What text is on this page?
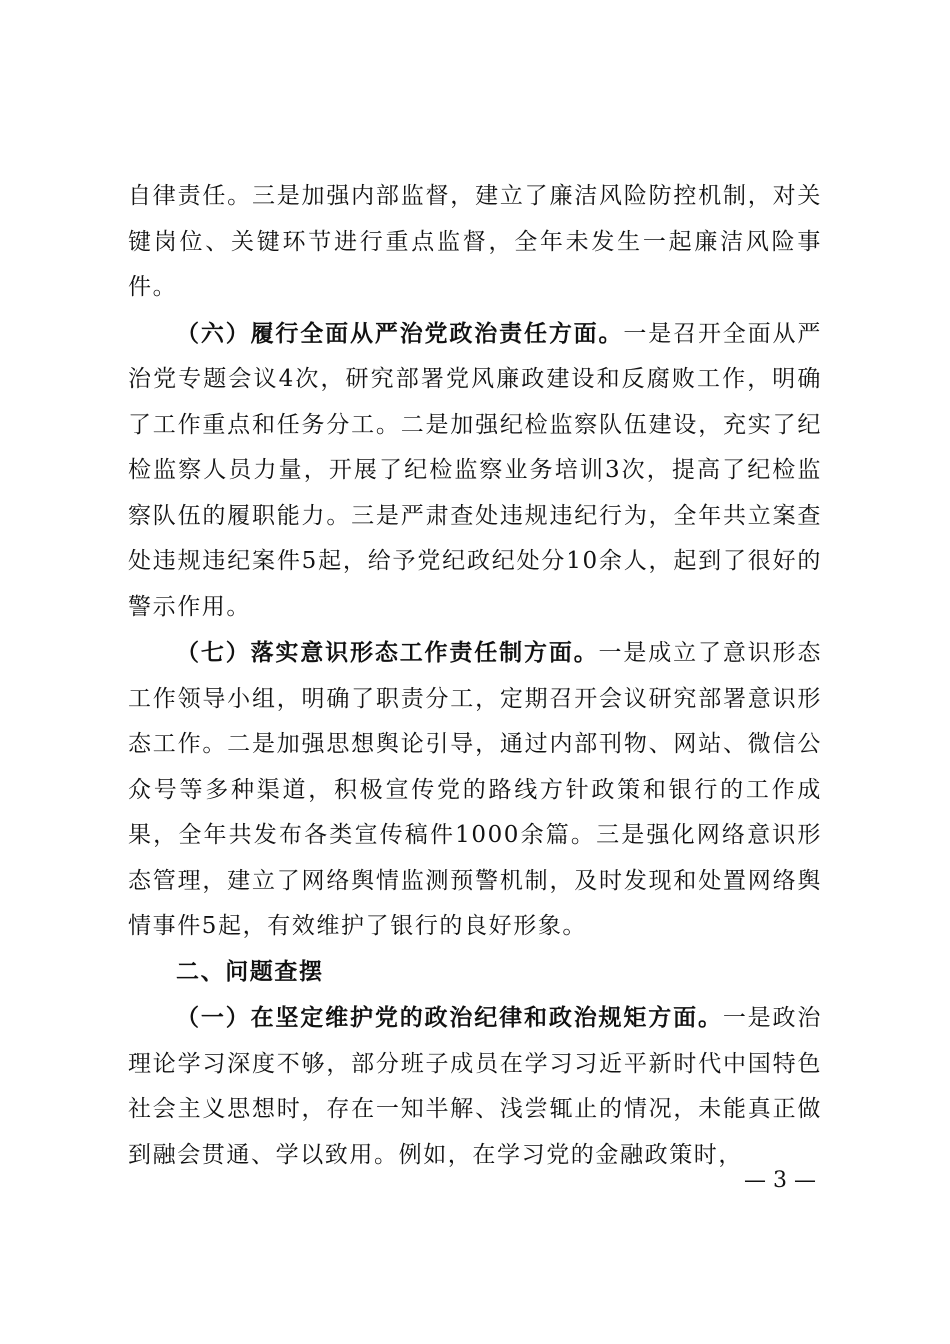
自律责任。三是加强内部监督，建立了廉洁风险防控机制，对关键岗位、关键环节进行重点监督，全年未发生一起廉洁风险事件。

（六）履行全面从严治党政治责任方面。一是召开全面从严治党专题会议4次，研究部署党风廉政建设和反腐败工作，明确了工作重点和任务分工。二是加强纪检监察队伍建设，充实了纪检监察人员力量，开展了纪检监察业务培训3次，提高了纪检监察队伍的履职能力。三是严肃查处违规违纪行为，全年共立案查处违规违纪案件5起，给予党纪政纪处分10余人，起到了很好的警示作用。

（七）落实意识形态工作责任制方面。一是成立了意识形态工作领导小组，明确了职责分工，定期召开会议研究部署意识形态工作。二是加强思想舆论引导，通过内部刊物、网站、微信公众号等多种渠道，积极宣传党的路线方针政策和银行的工作成果，全年共发布各类宣传稿件1000余篇。三是强化网络意识形态管理，建立了网络舆情监测预警机制，及时发现和处置网络舆情事件5起，有效维护了银行的良好形象。

二、问题查摆

（一）在坚定维护党的政治纪律和政治规矩方面。一是政治理论学习深度不够，部分班子成员在学习习近平新时代中国特色社会主义思想时，存在一知半解、浅尝辄止的情况，未能真正做到融会贯通、学以致用。例如，在学习党的金融政策时，

— 3 —
